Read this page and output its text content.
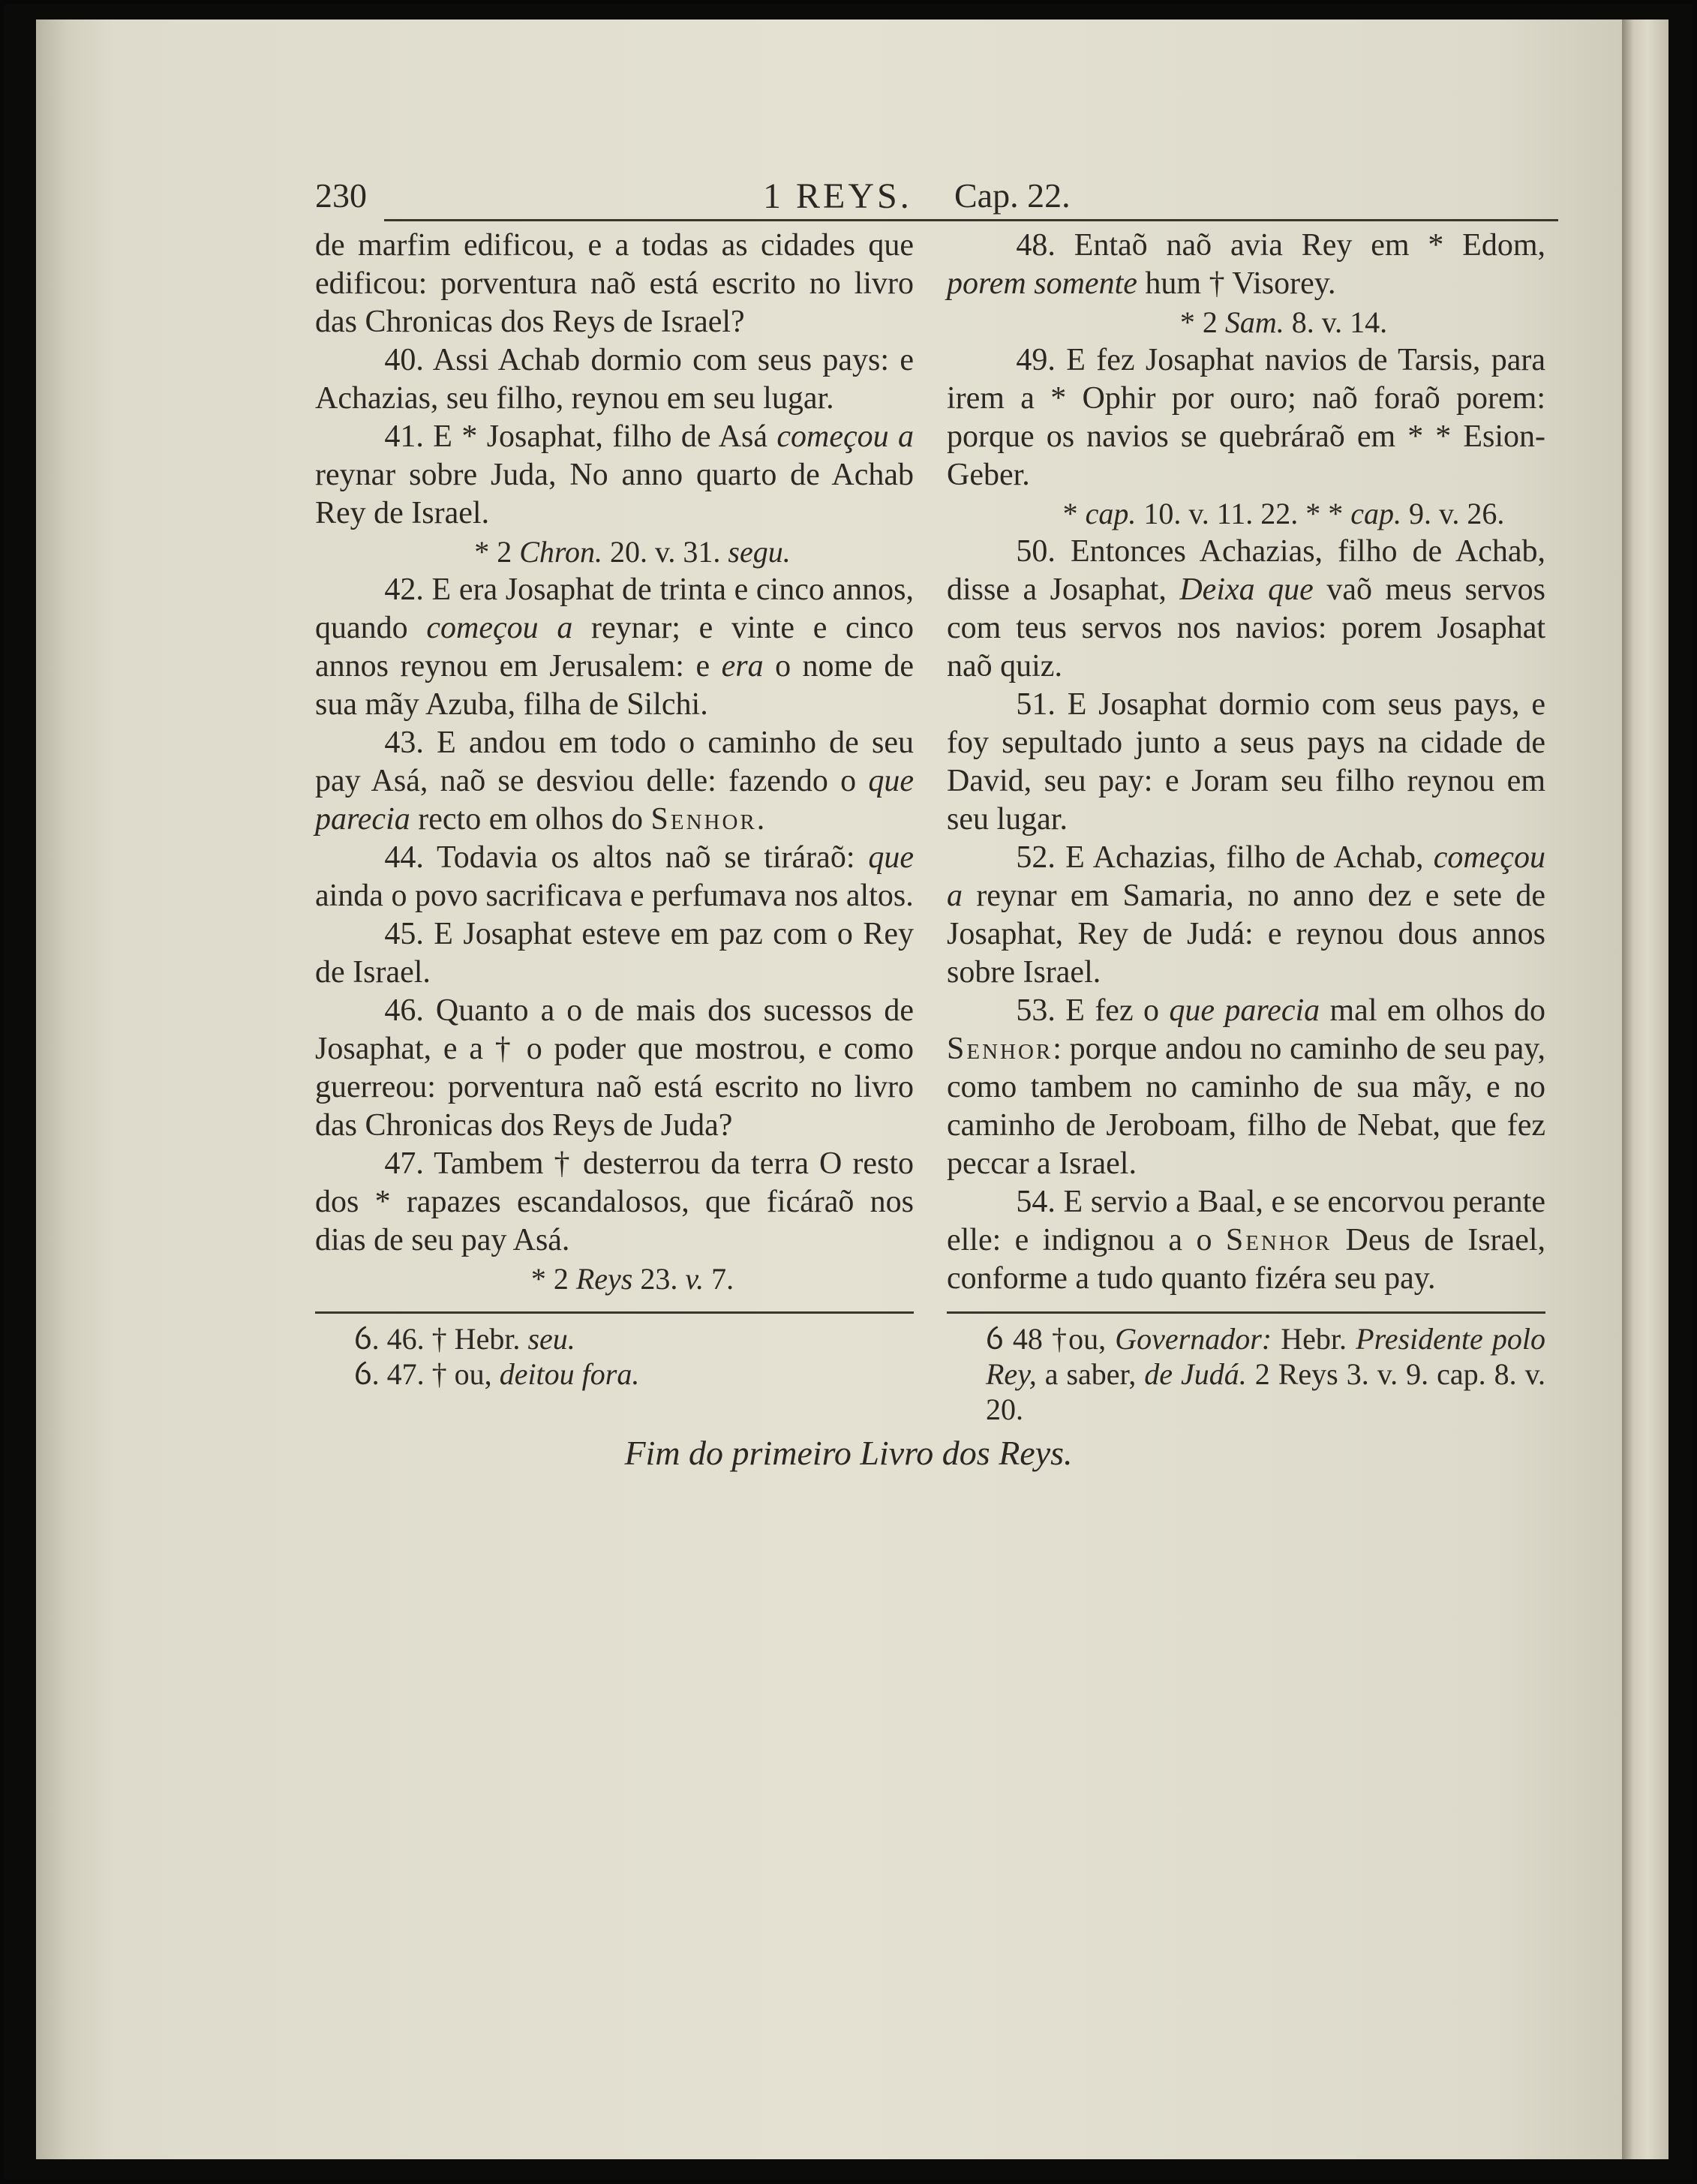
230	1 REYS. Cap. 22.

de marfim edificou, e a todas as cidades que edificou: porventura naõ está escrito no livro das Chronicas dos Reys de Israel?

40. Assi Achab dormio com seus pays: e Achazias, seu filho, reynou em seu lugar.

41. E * Josaphat, filho de Asá começou a reynar sobre Juda, No anno quarto de Achab Rey de Israel.

* 2 Chron. 20. v. 31. segu.

42. E era Josaphat de trinta e cinco annos, quando começou a reynar; e vinte e cinco annos reynou em Jerusalem: e era o nome de sua mãy Azuba, filha de Silchi.

43. E andou em todo o caminho de seu pay Asá, naõ se desviou delle: fazendo o que parecia recto em olhos do Senhor.

44. Todavia os altos naõ se tiráraõ: que ainda o povo sacrificava e perfumava nos altos.

45. E Josaphat esteve em paz com o Rey de Israel.

46. Quanto a o de mais dos sucessos de Josaphat, e a † o poder que mostrou, e como guerreou: porventura naõ está escrito no livro das Chronicas dos Reys de Juda?

47. Tambem † desterrou da terra O resto dos * rapazes escandalosos, que ficáraõ nos dias de seu pay Asá.

* 2 Reys 23. v. 7.

ỽ. 46. † Hebr. seu.

ỽ. 47. † ou, deitou fora.

48. Entaõ naõ avia Rey em * Edom, porem somente hum † Visorey.

* 2 Sam. 8. v. 14.

49. E fez Josaphat navios de Tarsis, para irem a * Ophir por ouro; naõ foraõ porem: porque os navios se quebráraõ em * * Esion-Geber.

* cap. 10. v. 11. 22. * * cap. 9. v. 26.

50. Entonces Achazias, filho de Achab, disse a Josaphat, Deixa que vaõ meus servos com teus servos nos navios: porem Josaphat naõ quiz.

51. E Josaphat dormio com seus pays, e foy sepultado junto a seus pays na cidade de David, seu pay: e Joram seu filho reynou em seu lugar.

52. E Achazias, filho de Achab, começou a reynar em Samaria, no anno dez e sete de Josaphat, Rey de Judá: e reynou dous annos sobre Israel.

53. E fez o que parecia mal em olhos do Senhor: porque andou no caminho de seu pay, como tambem no caminho de sua mãy, e no caminho de Jeroboam, filho de Nebat, que fez peccar a Israel.

54. E servio a Baal, e se encorvou perante elle: e indignou a o Senhor Deus de Israel, conforme a tudo quanto fizéra seu pay.

ỽ 48 †ou, Governador: Hebr. Presidente polo Rey, a saber, de Judá. 2 Reys 3. v. 9. cap. 8. v. 20.

Fim do primeiro Livro dos Reys.
